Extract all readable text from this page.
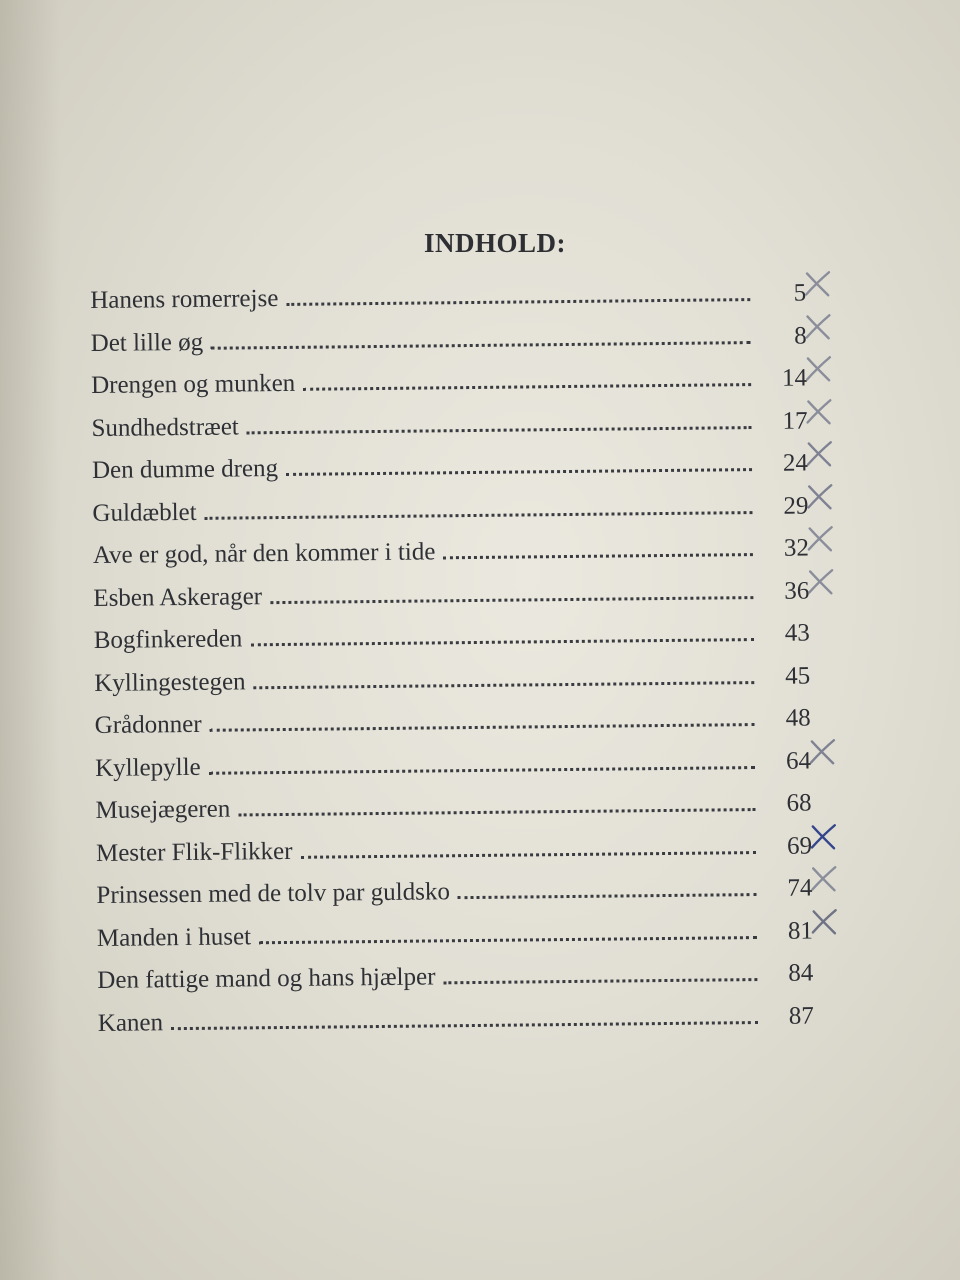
INDHOLD:
Hanens romerrejse	5
Det lille øg	8
Drengen og munken	14
Sundhedstræet	17
Den dumme dreng	24
Guldæblet	29
Ave er god, når den kommer i tide	32
Esben Askerager	36
Bogfinkereden	43
Kyllingestegen	45
Grådonner	48
Kyllepylle	64
Musejægeren	68
Mester Flik-Flikker	69
Prinsessen med de tolv par guldsko	74
Manden i huset	81
Den fattige mand og hans hjælper	84
Kanen	87
